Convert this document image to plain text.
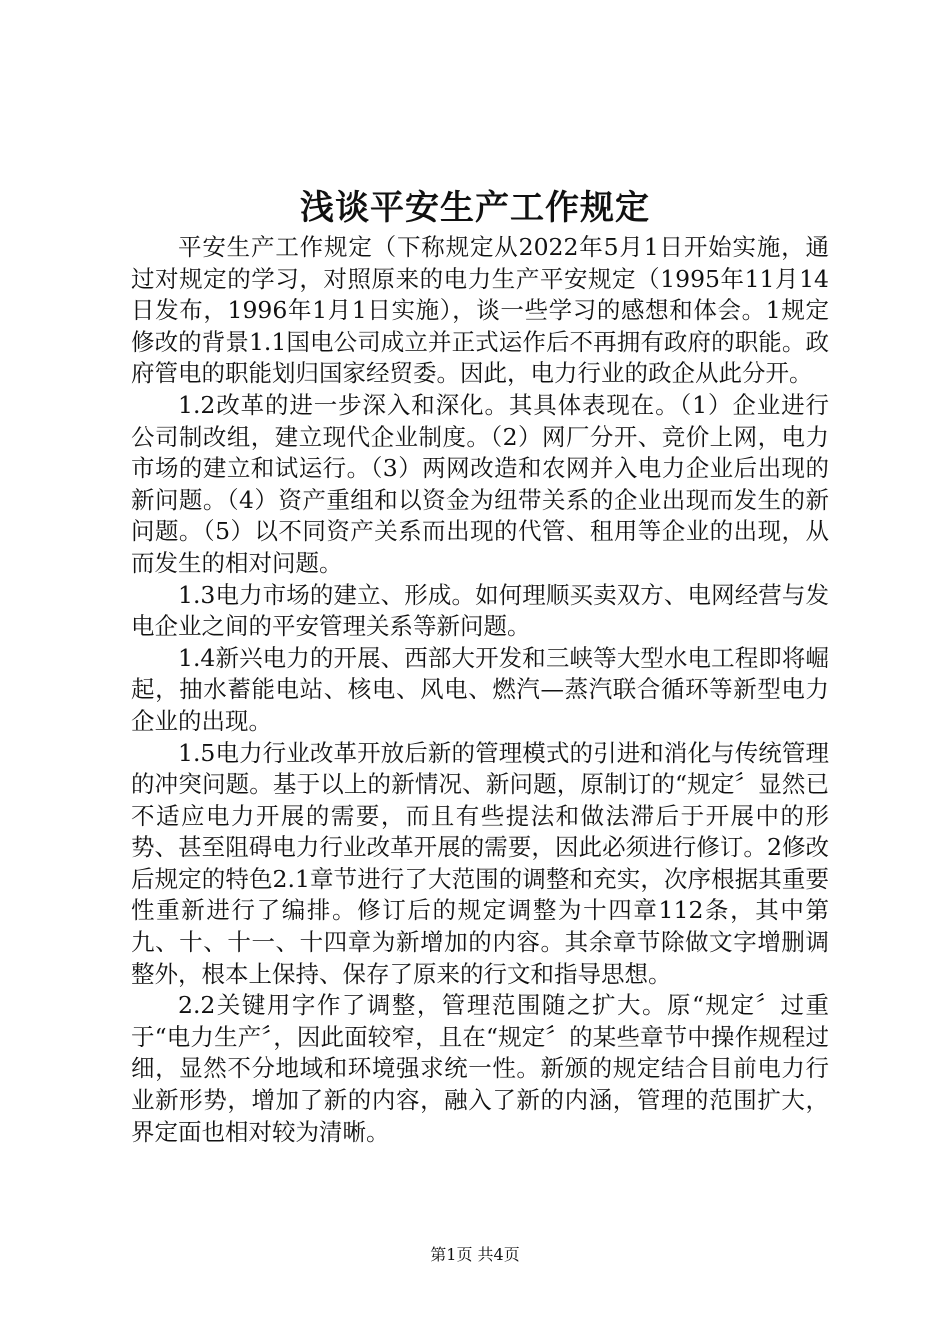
浅谈平安生产工作规定

平安生产工作规定（下称规定从2022年5月1日开始实施，通过对规定的学习，对照原来的电力生产平安规定（1995年11月14日发布，1996年1月1日实施），谈一些学习的感想和体会。1规定修改的背景1.1国电公司成立并正式运作后不再拥有政府的职能。政府管电的职能划归国家经贸委。因此，电力行业的政企从此分开。

1.2改革的进一步深入和深化。其具体表现在。（1）企业进行公司制改组，建立现代企业制度。（2）网厂分开、竞价上网，电力市场的建立和试运行。（3）两网改造和农网并入电力企业后出现的新问题。（4）资产重组和以资金为纽带关系的企业出现而发生的新问题。（5）以不同资产关系而出现的代管、租用等企业的出现，从而发生的相对问题。

1.3电力市场的建立、形成。如何理顺买卖双方、电网经营与发电企业之间的平安管理关系等新问题。

1.4新兴电力的开展、西部大开发和三峡等大型水电工程即将崛起，抽水蓄能电站、核电、风电、燃汽—蒸汽联合循环等新型电力企业的出现。

1.5电力行业改革开放后新的管理模式的引进和消化与传统管理的冲突问题。基于以上的新情况、新问题，原制订的“规定〞显然已不适应电力开展的需要，而且有些提法和做法滞后于开展中的形势、甚至阻碍电力行业改革开展的需要，因此必须进行修订。2修改后规定的特色2.1章节进行了大范围的调整和充实，次序根据其重要性重新进行了编排。修订后的规定调整为十四章112条，其中第九、十、十一、十四章为新增加的内容。其余章节除做文字增删调整外，根本上保持、保存了原来的行文和指导思想。

2.2关键用字作了调整，管理范围随之扩大。原“规定〞过重于“电力生产〞，因此面较窄，且在“规定〞的某些章节中操作规程过细，显然不分地域和环境强求统一性。新颁的规定结合目前电力行业新形势，增加了新的内容，融入了新的内涵，管理的范围扩大，界定面也相对较为清晰。

第1页 共4页
